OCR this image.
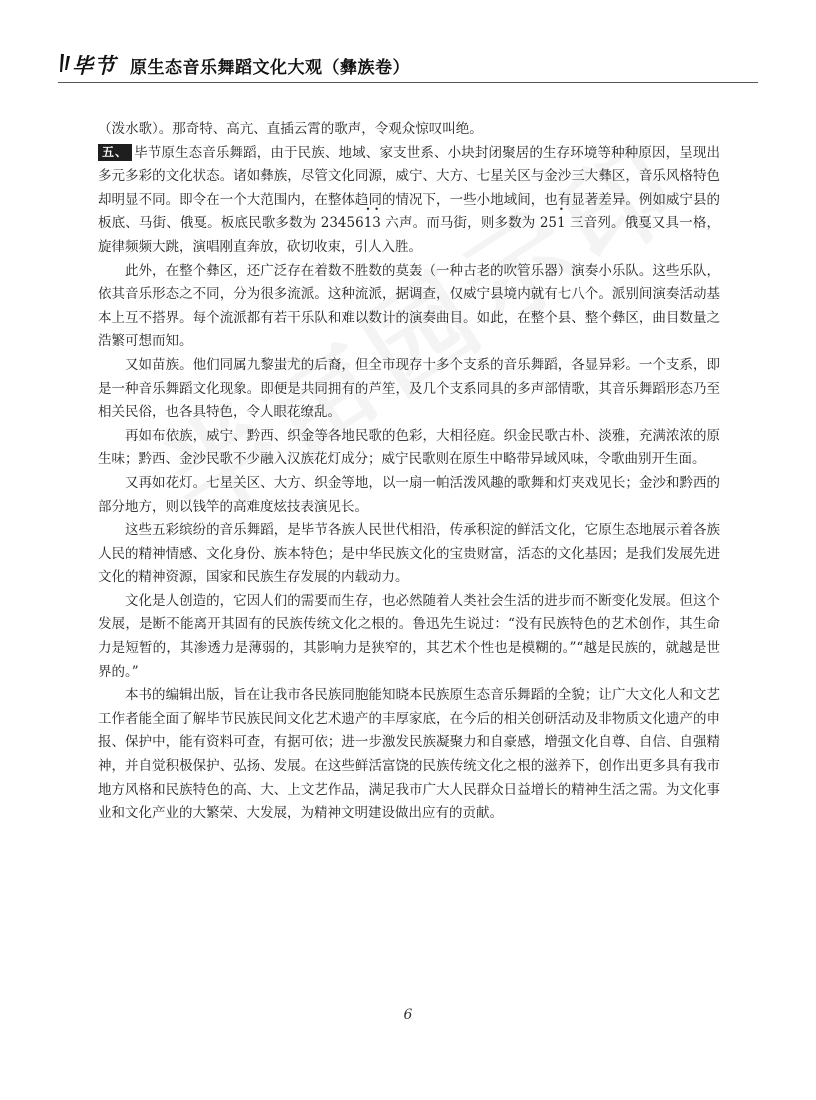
毕节 原生态音乐舞蹈文化大观（彝族卷）

（泼水歌）。那奇特、高亢、直插云霄的歌声，令观众惊叹叫绝。

五、 毕节原生态音乐舞蹈，由于民族、地域、家支世系、小块封闭聚居的生存环境等种种原因，呈现出多元多彩的文化状态。诸如彝族，尽管文化同源，威宁、大方、七星关区与金沙三大彝区，音乐风格特色却明显不同。即令在一个大范围内，在整体趋同的情况下，一些小地域间，也有显著差异。例如威宁县的板底、马街、俄戛。板底民歌多数为 234561 •3 • 六声。而马街，则多数为 251 • 三音列。俄戛又具一格，旋律频频大跳，演唱刚直奔放，砍切收束，引人入胜。

此外，在整个彝区，还广泛存在着数不胜数的莫轰（一种古老的吹管乐器）演奏小乐队。这些乐队，依其音乐形态之不同，分为很多流派。这种流派，据调查，仅威宁县境内就有七八个。派别间演奏活动基本上互不搭界。每个流派都有若干乐队和难以数计的演奏曲目。如此，在整个县、整个彝区，曲目数量之浩繁可想而知。

又如苗族。他们同属九黎蚩尤的后裔，但全市现存十多个支系的音乐舞蹈，各显异彩。一个支系，即是一种音乐舞蹈文化现象。即便是共同拥有的芦笙，及几个支系同具的多声部情歌，其音乐舞蹈形态乃至相关民俗，也各具特色，令人眼花缭乱。

再如布依族，威宁、黔西、织金等各地民歌的色彩，大相径庭。织金民歌古朴、淡雅，充满浓浓的原生味；黔西、金沙民歌不少融入汉族花灯成分；威宁民歌则在原生中略带异域风味，令歌曲别开生面。

又再如花灯。七星关区、大方、织金等地，以一扇一帕活泼风趣的歌舞和灯夹戏见长；金沙和黔西的部分地方，则以钱竿的高难度炫技表演见长。

这些五彩缤纷的音乐舞蹈，是毕节各族人民世代相沿，传承积淀的鲜活文化，它原生态地展示着各族人民的精神情感、文化身份、族本特色；是中华民族文化的宝贵财富，活态的文化基因；是我们发展先进文化的精神资源，国家和民族生存发展的内载动力。

文化是人创造的，它因人们的需要而生存，也必然随着人类社会生活的进步而不断变化发展。但这个发展，是断不能离开其固有的民族传统文化之根的。鲁迅先生说过：“没有民族特色的艺术创作，其生命力是短暂的，其渗透力是薄弱的，其影响力是狭窄的，其艺术个性也是模糊的。”“越是民族的，就越是世界的。”

本书的编辑出版，旨在让我市各民族同胞能知晓本民族原生态音乐舞蹈的全貌；让广大文化人和文艺工作者能全面了解毕节民族民间文化艺术遗产的丰厚家底，在今后的相关创研活动及非物质文化遗产的申报、保护中，能有资料可查，有据可依；进一步激发民族凝聚力和自豪感，增强文化自尊、自信、自强精神，并自觉积极保护、弘扬、发展。在这些鲜活富饶的民族传统文化之根的滋养下，创作出更多具有我市地方风格和民族特色的高、大、上文艺作品，满足我市广大人民群众日益增长的精神生活之需。为文化事业和文化产业的大繁荣、大发展，为精神文明建设做出应有的贡献。

6
